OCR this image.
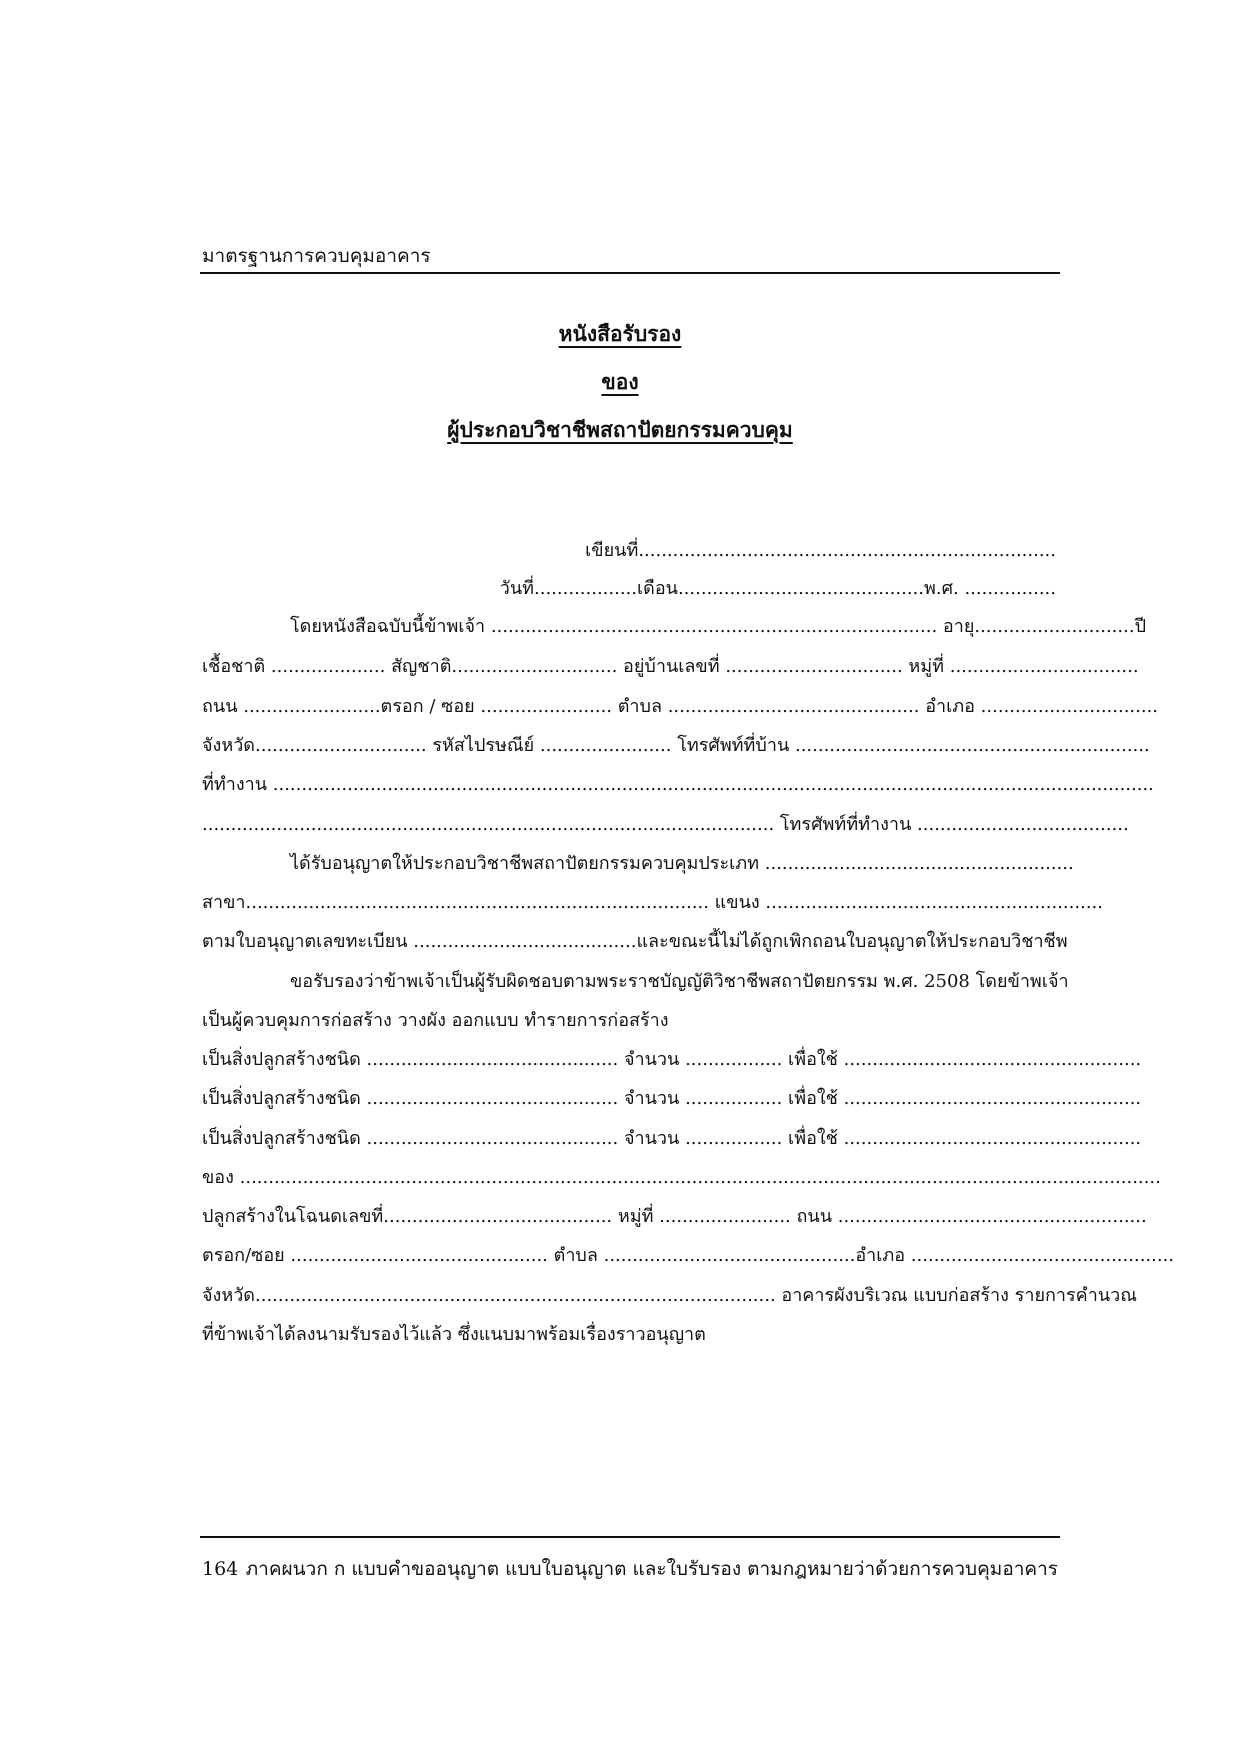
มาตรฐานการควบคุมอาคาร
หนังสือรับรอง
ของ
ผู้ประกอบวิชาชีพสถาปัตยกรรมควบคุม
เขียนที่.........................................................................
วันที่..................เดือน...........................................พ.ศ. ................
โดยหนังสือฉบับนี้ข้าพเจ้า .............................................................................. อายุ............................ปี
เชื้อชาติ .................... สัญชาติ............................. อยู่บ้านเลขที่ ............................... หมู่ที่ .................................
ถนน ........................ตรอก / ซอย ....................... ตำบล ............................................ อำเภอ ...............................
จังหวัด.............................. รหัสไปรษณีย์ ....................... โทรศัพท์ที่บ้าน ..............................................................
ที่ทำงาน ..........................................................................................................................................................
.................................................................................................... โทรศัพท์ที่ทำงาน .....................................
ได้รับอนุญาตให้ประกอบวิชาชีพสถาปัตยกรรมควบคุมประเภท ......................................................
สาขา................................................................................. แขนง ...........................................................
ตามใบอนุญาตเลขทะเบียน .......................................และขณะนี้ไม่ได้ถูกเพิกถอนใบอนุญาตให้ประกอบวิชาชีพ
ขอรับรองว่าข้าพเจ้าเป็นผู้รับผิดชอบตามพระราชบัญญัติวิชาชีพสถาปัตยกรรม พ.ศ. 2508 โดยข้าพเจ้า
เป็นผู้ควบคุมการก่อสร้าง วางผัง ออกแบบ ทำรายการก่อสร้าง
เป็นสิ่งปลูกสร้างชนิด ............................................ จำนวน ................. เพื่อใช้ ....................................................
เป็นสิ่งปลูกสร้างชนิด ............................................ จำนวน ................. เพื่อใช้ ....................................................
เป็นสิ่งปลูกสร้างชนิด ............................................ จำนวน ................. เพื่อใช้ ....................................................
ของ .................................................................................................................................................................
ปลูกสร้างในโฉนดเลขที่........................................ หมู่ที่ ....................... ถนน ......................................................
ตรอก/ซอย ............................................. ตำบล ............................................อำเภอ ..............................................
จังหวัด........................................................................................... อาคารผังบริเวณ แบบก่อสร้าง รายการคำนวณ
ที่ข้าพเจ้าได้ลงนามรับรองไว้แล้ว ซึ่งแนบมาพร้อมเรื่องราวอนุญาต
164 ภาคผนวก ก แบบคำขออนุญาต แบบใบอนุญาต และใบรับรอง ตามกฎหมายว่าด้วยการควบคุมอาคาร
